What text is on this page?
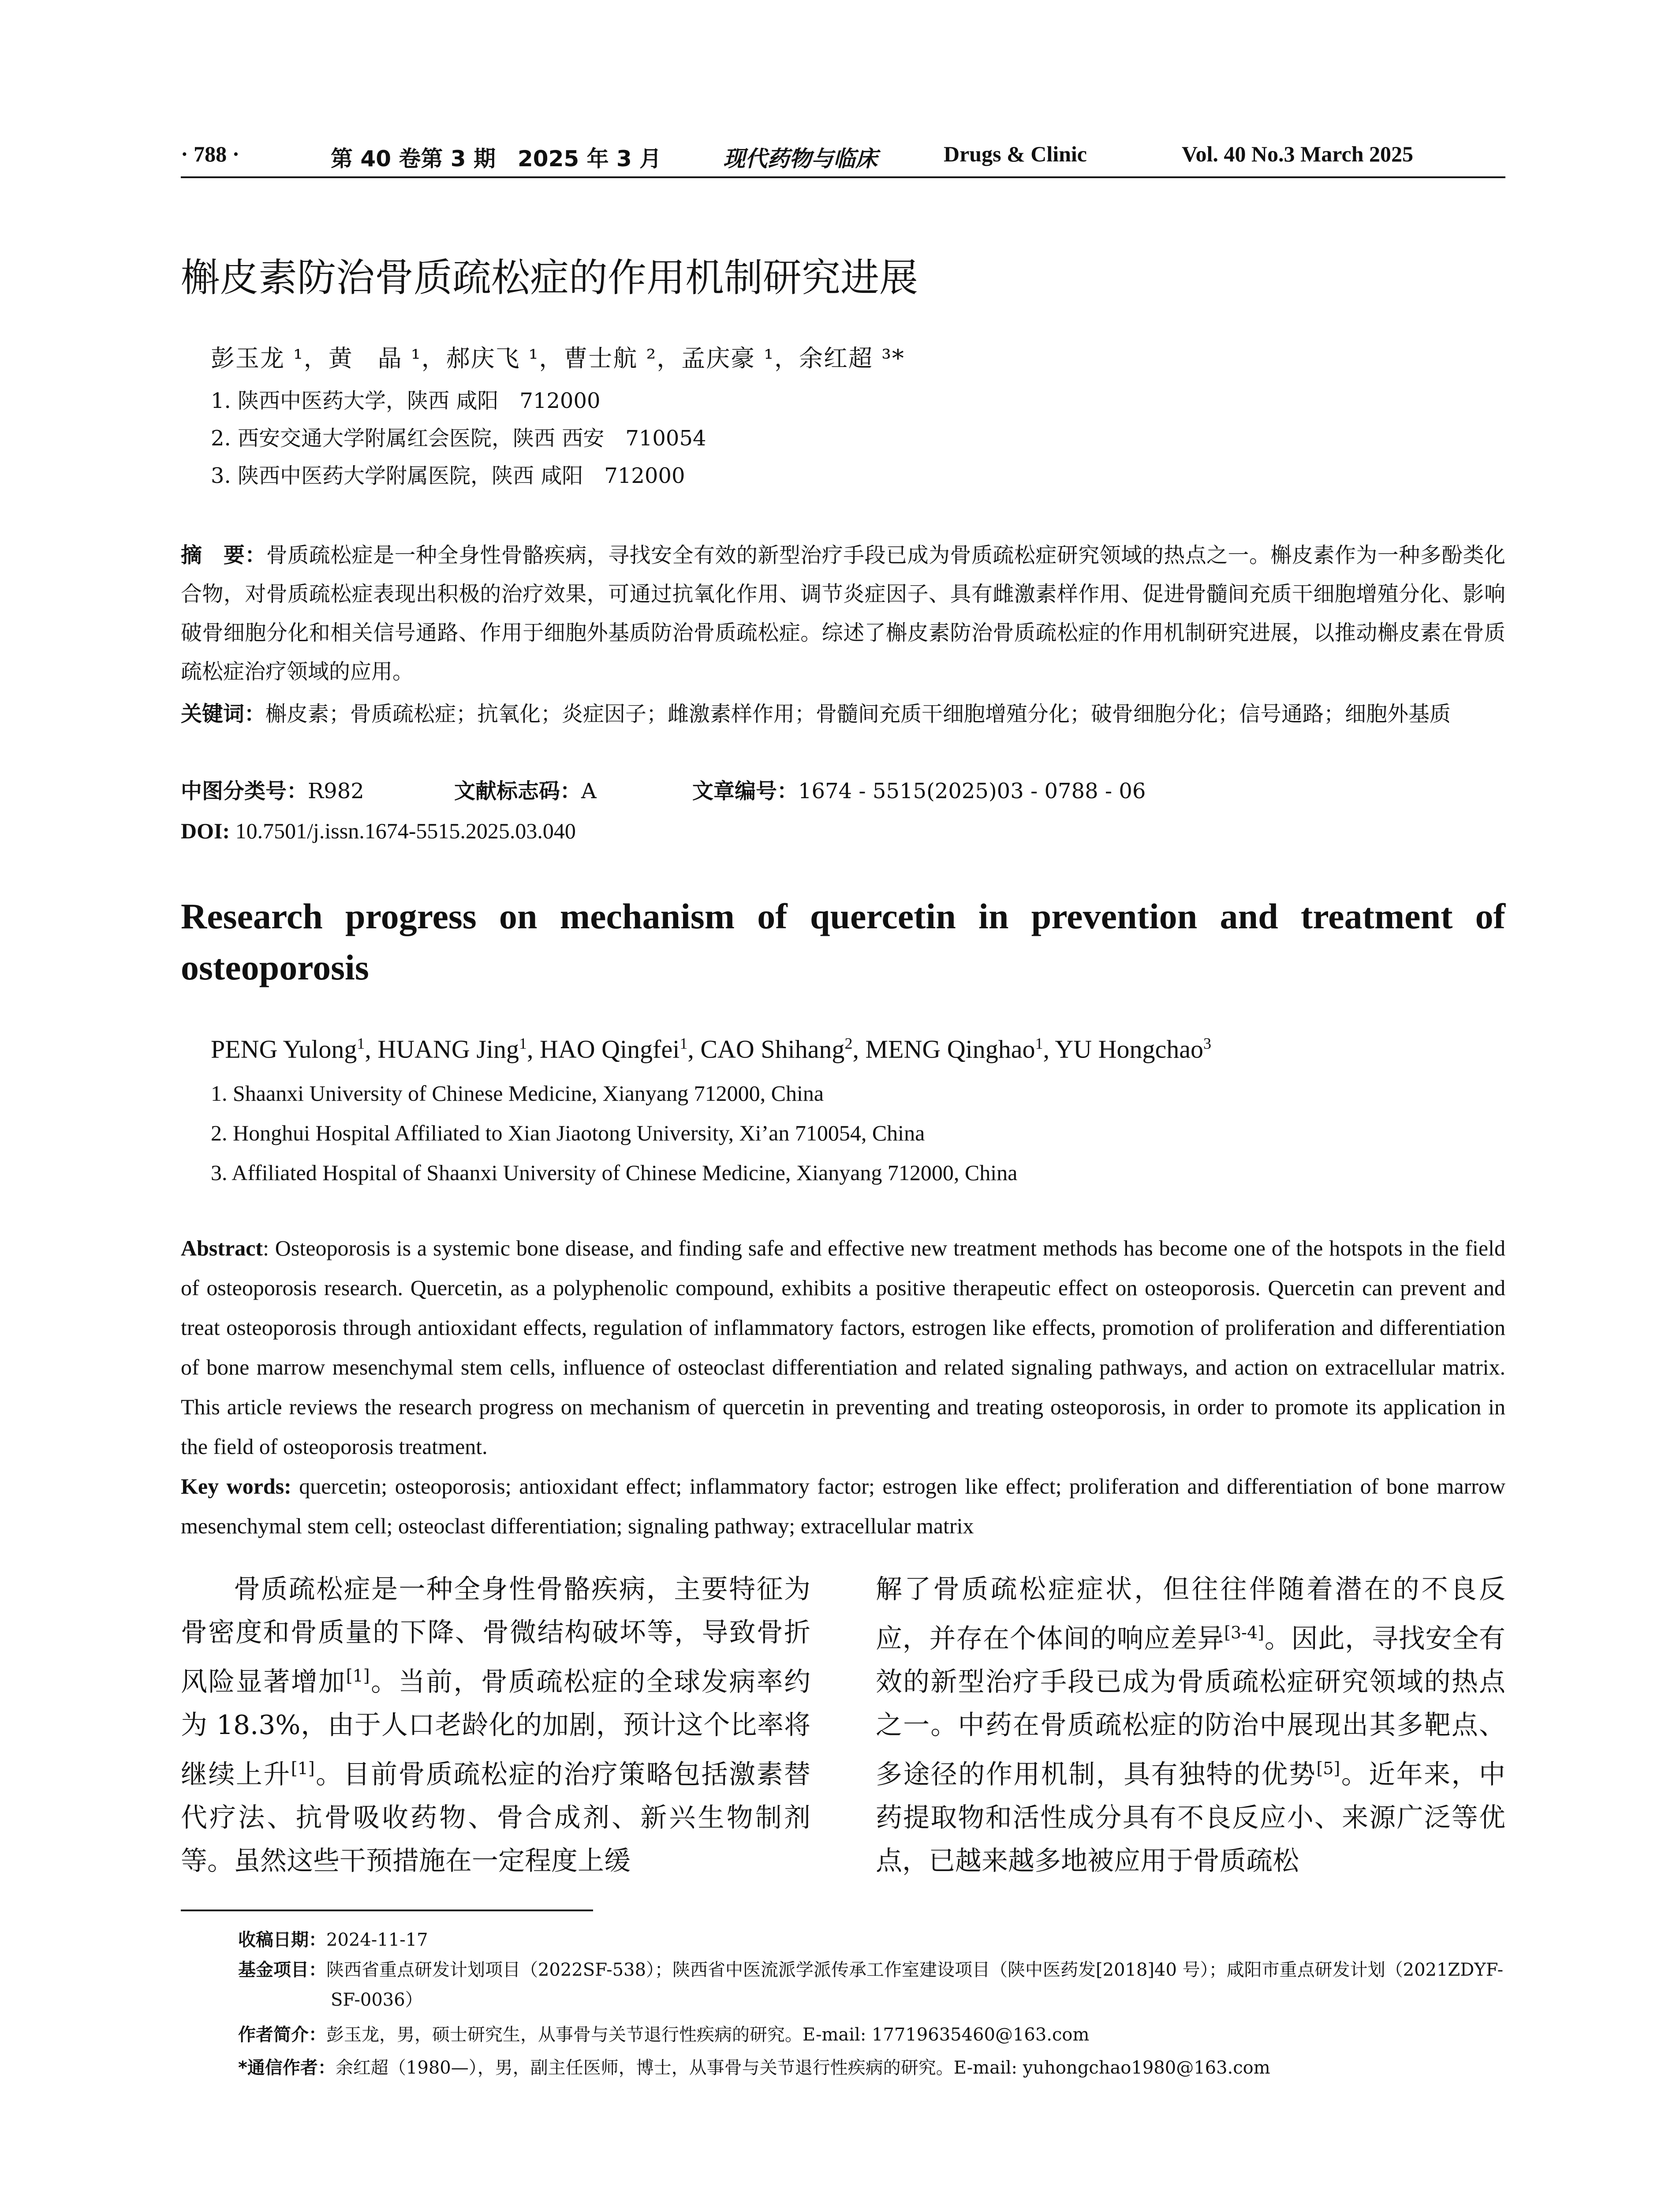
· 788 ·	第 40 卷第 3 期　2025 年 3 月	现代药物与临床	Drugs & Clinic	Vol. 40 No.3 March 2025
槲皮素防治骨质疏松症的作用机制研究进展
彭玉龙 ¹，黄　晶 ¹，郝庆飞 ¹，曹士航 ²，孟庆豪 ¹，余红超 ³*
1. 陕西中医药大学，陕西 咸阳　712000
2. 西安交通大学附属红会医院，陕西 西安　710054
3. 陕西中医药大学附属医院，陕西 咸阳　712000
摘　要：骨质疏松症是一种全身性骨骼疾病，寻找安全有效的新型治疗手段已成为骨质疏松症研究领域的热点之一。槲皮素作为一种多酚类化合物，对骨质疏松症表现出积极的治疗效果，可通过抗氧化作用、调节炎症因子、具有雌激素样作用、促进骨髓间充质干细胞增殖分化、影响破骨细胞分化和相关信号通路、作用于细胞外基质防治骨质疏松症。综述了槲皮素防治骨质疏松症的作用机制研究进展，以推动槲皮素在骨质疏松症治疗领域的应用。
关键词：槲皮素；骨质疏松症；抗氧化；炎症因子；雌激素样作用；骨髓间充质干细胞增殖分化；破骨细胞分化；信号通路；细胞外基质
中图分类号：R982	文献标志码：A	文章编号：1674 - 5515(2025)03 - 0788 - 06
DOI: 10.7501/j.issn.1674-5515.2025.03.040
Research progress on mechanism of quercetin in prevention and treatment of osteoporosis
PENG Yulong$^1$, HUANG Jing$^1$, HAO Qingfei$^1$, CAO Shihang$^2$, MENG Qinghao$^1$, YU Hongchao$^3$
1. Shaanxi University of Chinese Medicine, Xianyang 712000, China
2. Honghui Hospital Affiliated to Xian Jiaotong University, Xi’an 710054, China
3. Affiliated Hospital of Shaanxi University of Chinese Medicine, Xianyang 712000, China
Abstract: Osteoporosis is a systemic bone disease, and finding safe and effective new treatment methods has become one of the hotspots in the field of osteoporosis research. Quercetin, as a polyphenolic compound, exhibits a positive therapeutic effect on osteoporosis. Quercetin can prevent and treat osteoporosis through antioxidant effects, regulation of inflammatory factors, estrogen like effects, promotion of proliferation and differentiation of bone marrow mesenchymal stem cells, influence of osteoclast differentiation and related signaling pathways, and action on extracellular matrix. This article reviews the research progress on mechanism of quercetin in preventing and treating osteoporosis, in order to promote its application in the field of osteoporosis treatment.
Key words: quercetin; osteoporosis; antioxidant effect; inflammatory factor; estrogen like effect; proliferation and differentiation of bone marrow mesenchymal stem cell; osteoclast differentiation; signaling pathway; extracellular matrix
骨质疏松症是一种全身性骨骼疾病，主要特征为骨密度和骨质量的下降、骨微结构破坏等，导致骨折风险显著增加[1]。当前，骨质疏松症的全球发病率约为 18.3%，由于人口老龄化的加剧，预计这个比率将继续上升[1]。目前骨质疏松症的治疗策略包括激素替代疗法、抗骨吸收药物、骨合成剂、新兴生物制剂等。虽然这些干预措施在一定程度上缓
解了骨质疏松症症状，但往往伴随着潜在的不良反应，并存在个体间的响应差异[3-4]。因此，寻找安全有效的新型治疗手段已成为骨质疏松症研究领域的热点之一。中药在骨质疏松症的防治中展现出其多靶点、多途径的作用机制，具有独特的优势[5]。近年来，中药提取物和活性成分具有不良反应小、来源广泛等优点，已越来越多地被应用于骨质疏松
收稿日期：2024-11-17
基金项目：陕西省重点研发计划项目（2022SF-538）；陕西省中医流派学派传承工作室建设项目（陕中医药发[2018]40 号）；咸阳市重点研发计划（2021ZDYF-SF-0036）
作者简介：彭玉龙，男，硕士研究生，从事骨与关节退行性疾病的研究。E-mail: 17719635460@163.com
*通信作者：余红超（1980—），男，副主任医师，博士，从事骨与关节退行性疾病的研究。E-mail: yuhongchao1980@163.com
